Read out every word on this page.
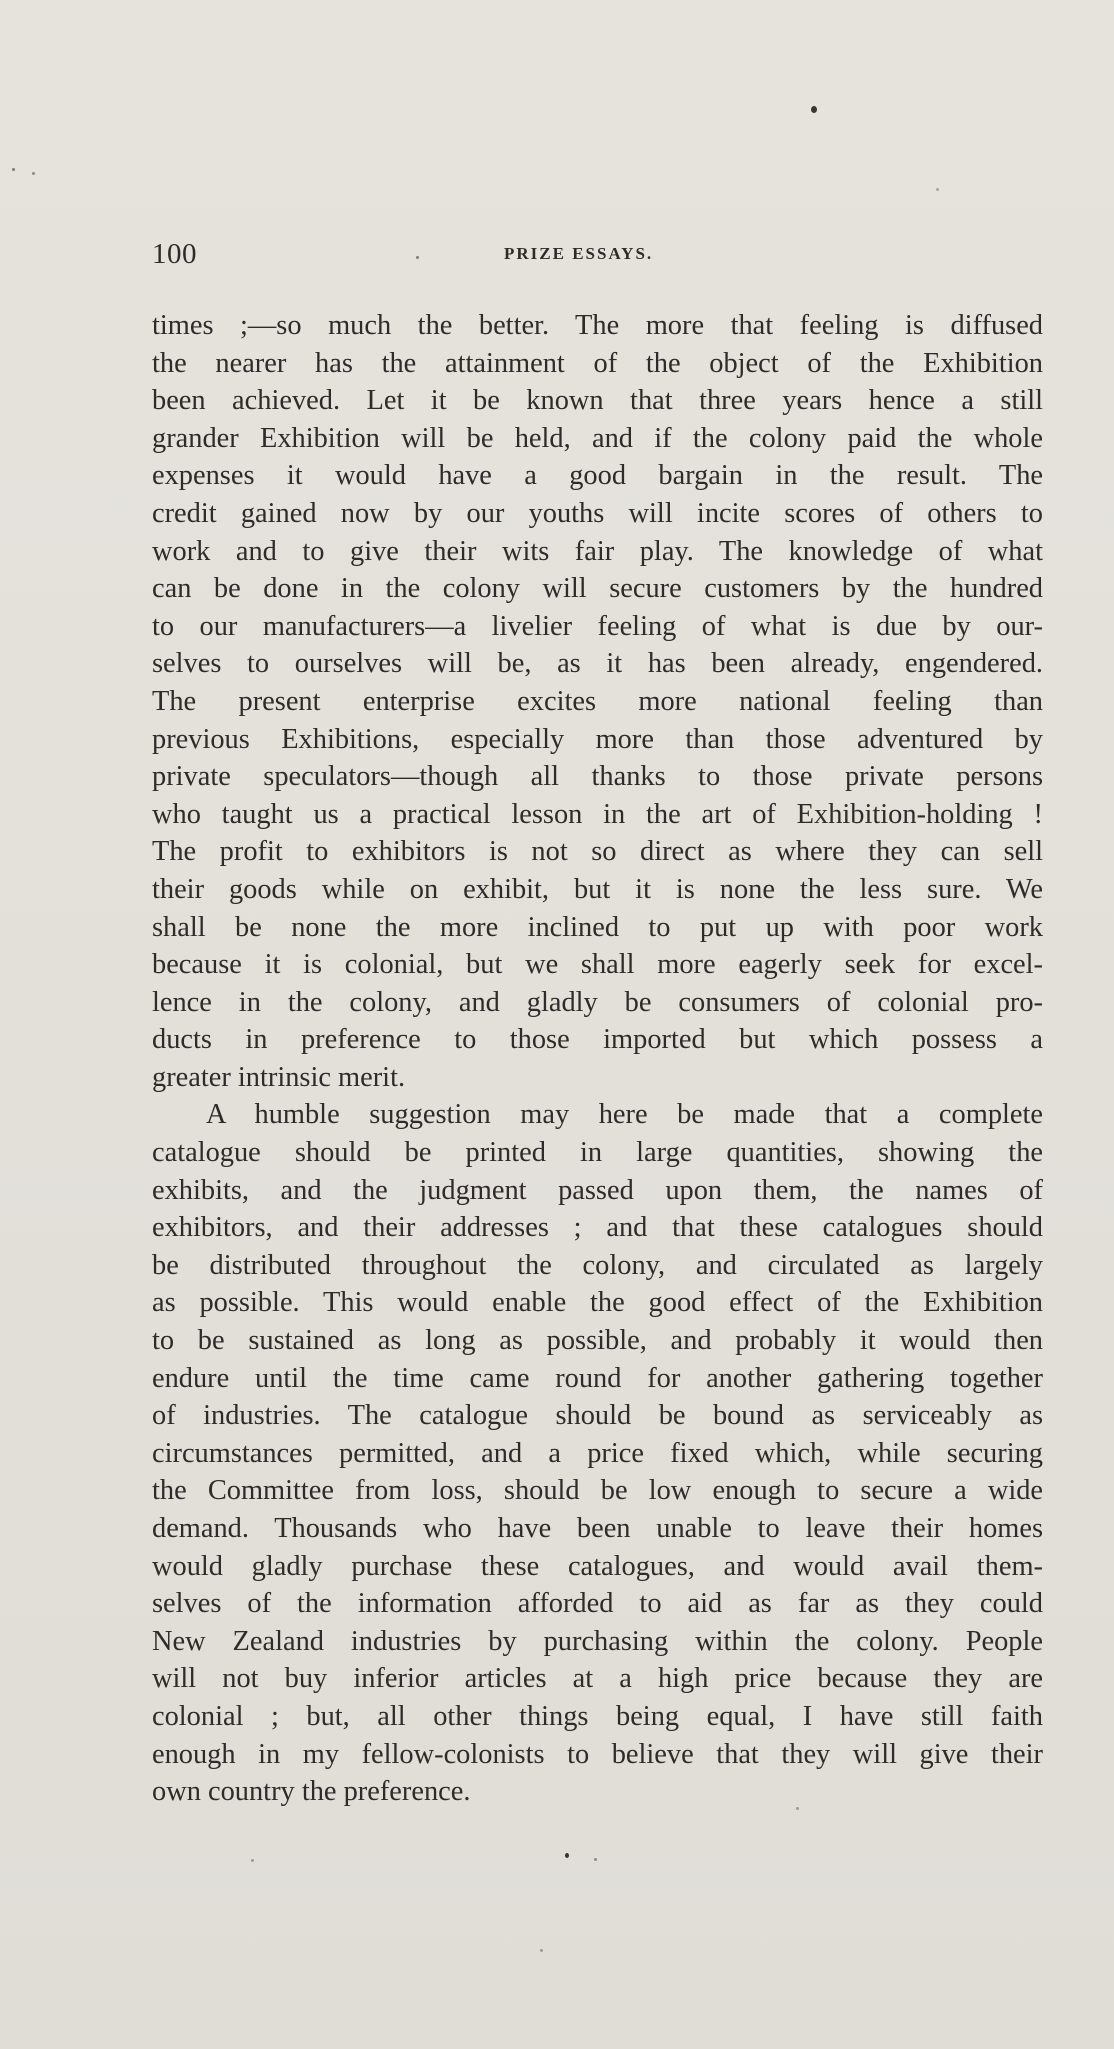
100	PRIZE ESSAYS.
times ;—so much the better. The more that feeling is diffused
the nearer has the attainment of the object of the Exhibition
been achieved. Let it be known that three years hence a still
grander Exhibition will be held, and if the colony paid the whole
expenses it would have a good bargain in the result. The
credit gained now by our youths will incite scores of others to
work and to give their wits fair play. The knowledge of what
can be done in the colony will secure customers by the hundred
to our manufacturers—a livelier feeling of what is due by our-
selves to ourselves will be, as it has been already, engendered.
The present enterprise excites more national feeling than
previous Exhibitions, especially more than those adventured by
private speculators—though all thanks to those private persons
who taught us a practical lesson in the art of Exhibition-holding !
The profit to exhibitors is not so direct as where they can sell
their goods while on exhibit, but it is none the less sure. We
shall be none the more inclined to put up with poor work
because it is colonial, but we shall more eagerly seek for excel-
lence in the colony, and gladly be consumers of colonial pro-
ducts in preference to those imported but which possess a
greater intrinsic merit.
A humble suggestion may here be made that a complete
catalogue should be printed in large quantities, showing the
exhibits, and the judgment passed upon them, the names of
exhibitors, and their addresses ; and that these catalogues should
be distributed throughout the colony, and circulated as largely
as possible. This would enable the good effect of the Exhibition
to be sustained as long as possible, and probably it would then
endure until the time came round for another gathering together
of industries. The catalogue should be bound as serviceably as
circumstances permitted, and a price fixed which, while securing
the Committee from loss, should be low enough to secure a wide
demand. Thousands who have been unable to leave their homes
would gladly purchase these catalogues, and would avail them-
selves of the information afforded to aid as far as they could
New Zealand industries by purchasing within the colony. People
will not buy inferior articles at a high price because they are
colonial ; but, all other things being equal, I have still faith
enough in my fellow-colonists to believe that they will give their
own country the preference.
